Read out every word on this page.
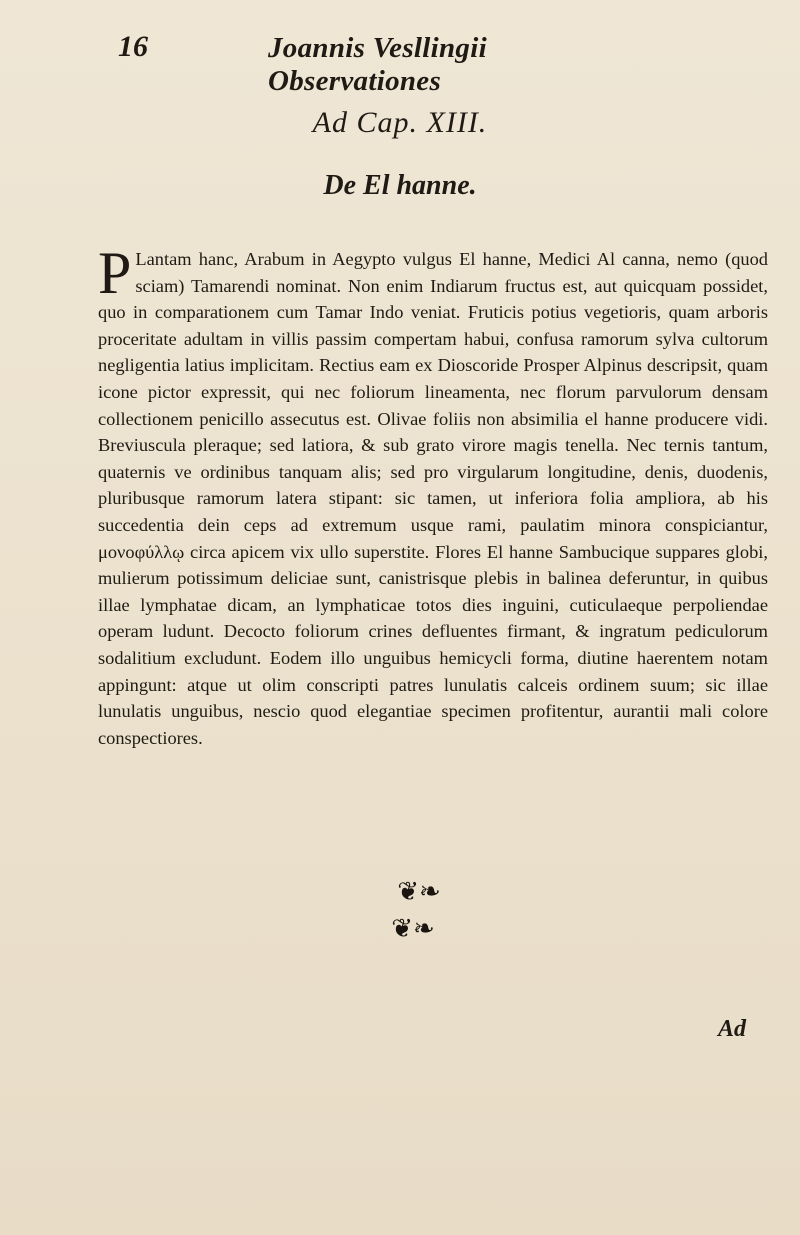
16	Joannis Vesllingii Observationes
Ad Cap. XIII.
De El hanne.
P Lantam hanc, Arabum in Aegypto vulgus El hanne, Medici Al canna, nemo (quod sciam) Tamarendi nominat. Non enim Indiarum fructus est, aut quicquam possidet, quo in comparationem cum Tamar Indo veniat. Fruticis potius vegetioris, quam arboris proceritate adultam in villis passim compertam habui, confusa ramorum sylva cultorum negligentia latius implicitam. Rectius eam ex Dioscoride Prosper Alpinus descripsit, quam icone pictor expressit, qui nec foliorum lineamenta, nec florum parvulorum densam collectionem penicillo assecutus est. Olivae foliis non absimilia el hanne producere vidi. Breviuscula pleraque; sed latiora, & sub grato virore magis tenella. Nec ternis tantum, quaternis ve ordinibus tanquam alis; sed pro virgularum longitudine, denis, duodenis, pluribusque ramorum latera stipant: sic tamen, ut inferiora folia ampliora, ab his succedentia dein ceps ad extremum usque rami, paulatim minora conspiciantur, μονοφύλλῳ circa apicem vix ullo superstite. Flores El hanne Sambucique suppares globi, mulierum potissimum deliciae sunt, canistrisque plebis in balinea deferuntur, in quibus illae lymphatae dicam, an lymphaticae totos dies inguini, cuticulaeque perpoliendae operam ludunt. Decocto foliorum crines defluentes firmant, & ingratum pediculorum sodalitium excludunt. Eodem illo unguibus hemicycli forma, diutine haerentem notam appingunt: atque ut olim conscripti patres lunulatis calceis ordinem suum; sic illae lunulatis unguibus, nescio quod elegantiae specimen profitentur, aurantii mali colore conspectiores.
❦❧
❦❧
Ad
